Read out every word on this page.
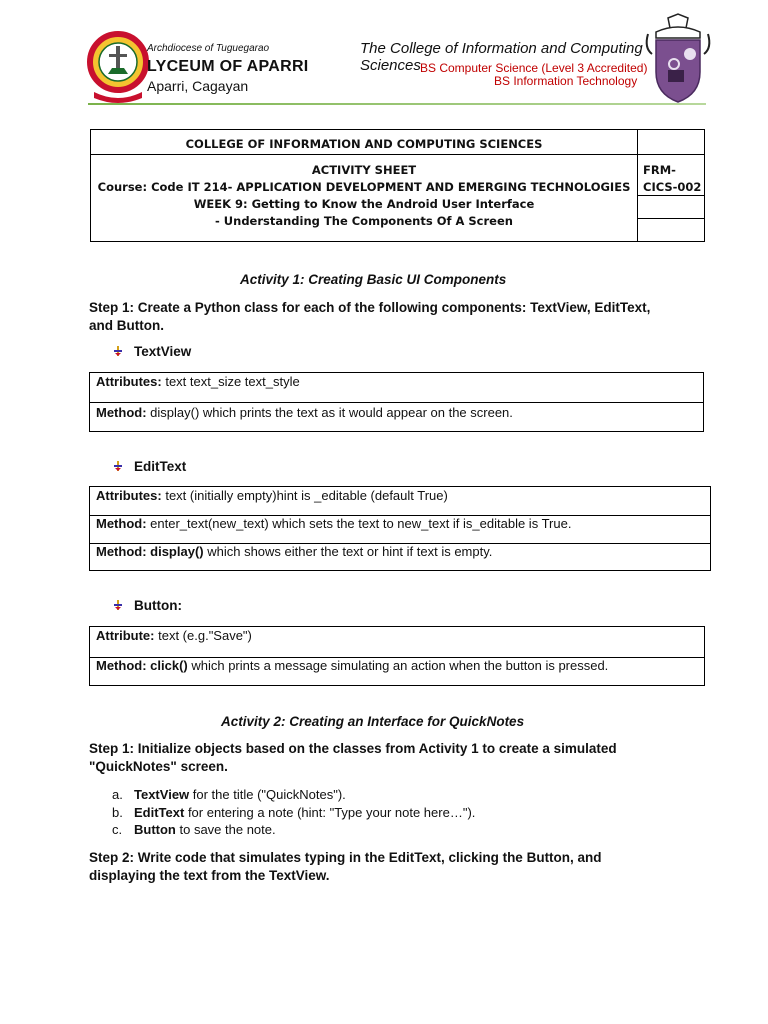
Archdiocese of Tuguegarao
LYCEUM OF APARRI
Aparri, Cagayan
The College of Information and Computing
Sciences BS Computer Science (Level 3 Accredited)
BS Information Technology
COLLEGE OF INFORMATION AND COMPUTING SCIENCES
ACTIVITY SHEET
Course: Code IT 214- APPLICATION DEVELOPMENT AND EMERGING TECHNOLOGIES
WEEK 9: Getting to Know the Android User Interface
- Understanding The Components Of A Screen
FRM-
CICS-002
Activity 1: Creating Basic UI Components
Step 1: Create a Python class for each of the following components: TextView, EditText,
and Button.
TextView
Attributes: text text_size text_style
Method: display() which prints the text as it would appear on the screen.
EditText
Attributes: text (initially empty)hint is _editable (default True)
Method: enter_text(new_text) which sets the text to new_text if is_editable is True.
Method: display() which shows either the text or hint if text is empty.
Button:
Attribute: text (e.g."Save")
Method: click() which prints a message simulating an action when the button is pressed.
Activity 2: Creating an Interface for QuickNotes
Step 1: Initialize objects based on the classes from Activity 1 to create a simulated
"QuickNotes" screen.
a. TextView for the title ("QuickNotes").
b. EditText for entering a note (hint: "Type your note here…").
c. Button to save the note.
Step 2: Write code that simulates typing in the EditText, clicking the Button, and
displaying the text from the TextView.
